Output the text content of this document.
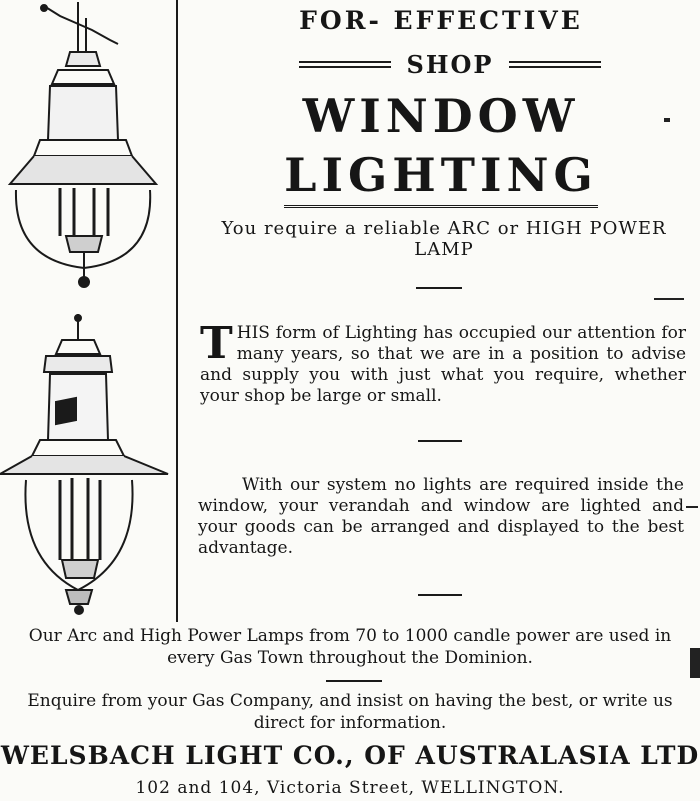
FOR- EFFECTIVE
SHOP
WINDOW
LIGHTING
You require a reliable ARC or HIGH POWER LAMP
THIS form of Lighting has occupied our attention for many years, so that we are in a position to advise and supply you with just what you require, whether your shop be large or small.
With our system no lights are required inside the window, your verandah and window are lighted and your goods can be arranged and displayed to the best advantage.
Our Arc and High Power Lamps from 70 to 1000 candle power are used in every Gas Town throughout the Dominion.
Enquire from your Gas Company, and insist on having the best, or write us direct for information.
WELSBACH LIGHT CO., OF AUSTRALASIA LTD
102 and 104, Victoria Street, WELLINGTON.
